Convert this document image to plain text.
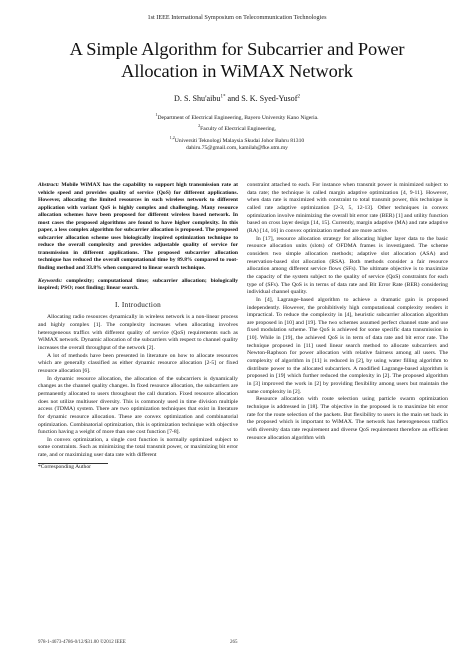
1st IEEE International Symposium on Telecommunication Technologies
A Simple Algorithm for Subcarrier and Power
Allocation in WiMAX Network
D. S. Shu'aibu$^{1*}$ and S. K. Syed-Yusof$^2$
$^1$Department of Electrical Engineering, Bayero University Kano Nigeria.
$^2$Faculty of Electrical Engineering,
$^{1,2}$Universiti Teknologi Malaysia Skudai Johor Bahru 81310
dahiru.75@gmail.com, kamilah@fke.utm.my
Abstract: Mobile WiMAX has the capability to support high transmission rate at vehicle speed and provides quality of service (QoS) for different applications. However, allocating the limited resources in such wireless network to different application with variant QoS is highly complex and challenging. Many resource allocation schemes have been proposed for different wireless based network. In most cases the proposed algorithms are found to have higher complexity. In this paper, a less complex algorithm for subcarrier allocation is proposed. The proposed subcarrier allocation scheme uses biologically inspired optimization technique to reduce the overall complexity and provides adjustable quality of service for transmission in different applications. The proposed subcarrier allocation technique has reduced the overall computational time by 89.8% compared to root-finding method and 33.8% when compared to linear search technique.
Keywords: complexity; computational time; subcarrier allocation; biologically inspired; PSO; root finding; linear search.
I. Introduction

Allocating radio resources dynamically in wireless network is a non-linear process and highly complex [1]. The complexity increases when allocating involves heterogeneous traffics with different quality of service (QoS) requirements such as WiMAX network. Dynamic allocation of the subcarriers with respect to channel quality increases the overall throughput of the network [2].

A lot of methods have been presented in literature on how to allocate resources which are generally classified as either dynamic resource allocation [2-5] or fixed resource allocation [6].

In dynamic resource allocation, the allocation of the subcarriers is dynamically changes as the channel quality changes. In fixed resource allocation, the subcarriers are permanently allocated to users throughout the call duration. Fixed resource allocation does not utilize multiuser diversity. This is commonly used in time division multiple access (TDMA) system. There are two optimization techniques that exist in literature for dynamic resource allocation. These are convex optimization and combinatorial optimization. Combinatorial optimization, this is optimization technique with objective function having a weight of more than one cost function [7-8].

In convex optimization, a single cost function is normally optimized subject to some constraints. Such as minimizing the total transmit power, or maximizing bit error rate, and or maximizing user data rate with different

*Corresponding Author

constraint attached to each. For instance when transmit power is minimized subject to data rate; the technique is called margin adaptive optimization [4, 9-11]. However, when data rate is maximized with constraint to total transmit power, this technique is called rate adaptive optimization [2-3, 5, 12-13]. Other techniques in convex optimization involve minimizing the overall bit error rate (BER) [1] and utility function based on cross layer design [14, 15]. Currently, margin adaptive (MA) and rate adaptive (RA) [14, 16] in convex optimization method are more active.

In [17], resource allocation strategy for allocating higher layer data to the basic resource allocation units (slots) of OFDMA frames is investigated. The scheme considers two simple allocation methods; adaptive slot allocation (ASA) and reservation-based slot allocation (RSA). Both methods consider a fair resource allocation among different service flows (SFs). The ultimate objective is to maximize the capacity of the system subject to the quality of service (QoS) constraints for each type of (SFs). The QoS is in terms of data rate and Bit Error Rate (BER) considering individual channel quality.

In [4], Lagrange-based algorithm to achieve a dramatic gain is proposed independently. However, the prohibitively high computational complexity renders it impractical. To reduce the complexity in [4], heuristic subcarrier allocation algorithm are proposed in [10] and [19]. The two schemes assumed perfect channel state and use fixed modulation scheme. The QoS is achieved for some specific data transmission in [10]. While in [19], the achieved QoS is in term of data rate and bit error rate. The technique proposed in [11] used linear search method to allocate subcarriers and Newton-Raphson for power allocation with relative fairness among all users. The complexity of algorithm in [11] is reduced in [2], by using water filling algorithm to distribute power to the allocated subcarriers. A modified Lagrange-based algorithm is proposed in [19] which further reduced the complexity in [2]. The proposed algorithm in [3] improved the work in [2] by providing flexibility among users but maintain the same complexity in [2].

Resource allocation with route selection using particle swarm optimization technique is addressed in [18]. The objective in the proposed is to maximize bit error rate for the route selection of the packets. But flexibility to users is the main set back in the proposed which is important to WiMAX. The network has heterogeneous traffics with diversity data rate requirement and diverse QoS requirement therefore an efficient resource allocation algorithm with

978-1-4673-4786-0/12/$31.00 ©2012 IEEE	265
